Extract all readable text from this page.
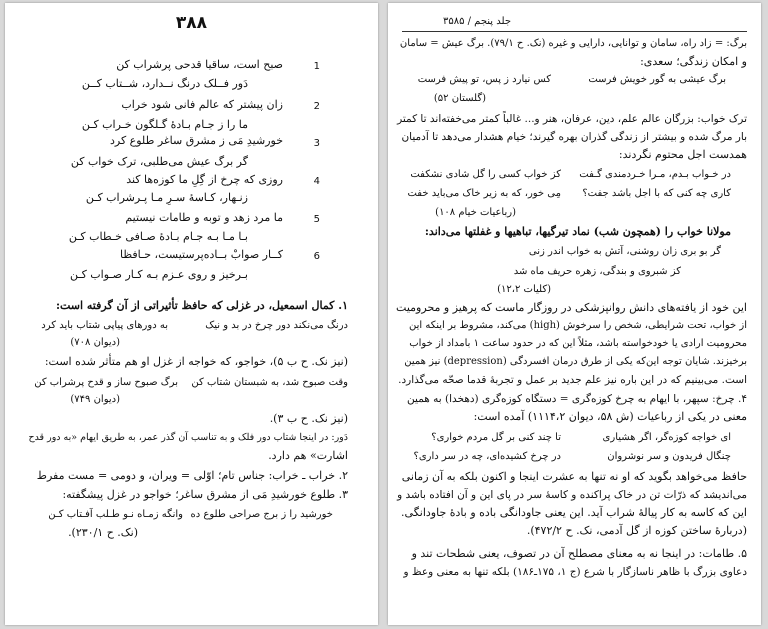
۳۸۸
1
صبح است، ساقیا قدحی پرشراب کن
دَور فــلک درنگ نــدارد، شــتاب کــن
2
زان پیشتر که عالم فانی شود خراب
ما را ز جـام بـادهٔ گـلگون خـراب کـن
3
خورشیدِ مَی ز مشرق ساغر طلوع کرد
گر برگ عیش می‌طلبی، ترک خواب کن
4
روزی که چرخ از گِلِ ما کوزه‌ها کند
زنـهار، کـاسهٔ سـرِ مـا پـرشراب کـن
5
ما مرد زهد و توبه و طامات نیستیم
بـا مـا بـه جـام بـادهٔ صـافی خـطاب کـن
6
کــار صوابْ بــاده‌پرستیست، حـافظا
بـرخیز و روی عـزم بـه کـار صـواب کـن
۱. کمال اسمعیل، در غزلی که حافظ تأثیراتی از آن گرفته است:
درنگ می‌نکند دور چرخ در بد و نیک
به دورهای پیاپی شتاب باید کرد
(دیوان ۷۰۸)
(نیز نک. ح ب ۵)، خواجو، که خواجه از غزل او هم متأثر شده است:
وقت صبوح شد، به شبستان شتاب کن
برگ صبوح ساز و قدح پرشراب کن
(دیوان ۷۴۹)
(نیز نک. ح ب ۳).
دَور: در اینجا شتاب دور فلک و به تناسب آن گذر عمر، به طریق ایهام «به دور قدح
اشارت» هم دارد.
۲. خراب ـ خراب: جناس تام؛ اوّلی = ویران، و دومی = مست مفرط
۳. طلوع خورشیدِ مَی از مشرق ساغر؛ خواجو در غزل پیشگفته:
خورشید را ز برج صراحی طلوع ده
وانگه زمـاه نـو طـلب آفـتاب کـن
(نک. ح ۲۳۰/۱).
جلد پنجم / ۳۵۸۵
برگ: = زاد راه، سامان و توانایی، دارایی و غیره (نک. ح ۷۹/۱). برگ عیش = سامان
و امکان زندگی؛ سعدی:
برگ عیشی به گور خویش فرست
کس نیارد ز پس، تو پیش فرست
(گلستان ۵۲)
ترک خواب: بزرگان عالم علم، دین، عرفان، هنر و... غالباً کمتر می‌خفته‌اند تا کمتر
بار مرگ شده و بیشتر از زندگی گذران بهره گیرند؛ خیام هشدار می‌دهد تا آدمیان
همدست اجل محتوم نگردند:
در خـواب بـدم، مـرا خـردمندی گـفت
کز خواب کسی را گل شادی نشکفت
کاری چه کنی که با اجل باشد جفت؟
مِی خور، که به زیر خاک می‌باید خفت
(رباعیات خیام ۱۰۸)
مولانا خواب را (همچون شب) نماد تیرگیها، تباهیها و غفلتها می‌داند:
گر بو بری زان روشنی، آتش به خواب اندر زنی
کز شبروی و بندگی، زهره حریف ماه شد
(کلیات ۱۲،۲)
این خود از یافته‌های دانش روانپزشکی در روزگار ماست که پرهیز و محرومیت
از خواب، تحت شرایطی، شخص را سرخوش (high) می‌کند، مشروط بر اینکه این
محرومیت ارادی یا خودخواسته باشد، مثلاً این که در حدود ساعت ۱ بامداد از خواب
برخیزند. شایان توجه این‌که یکی از طرق درمان افسردگی (depression) نیز همین
است. می‌بینیم که در این باره نیز علم جدید بر عمل و تجربهٔ قدما صحّه می‌گذارد.
۴. چرخ: سپهر، با ایهام به چرخ کوزه‌گری = دستگاه کوزه‌گری (دهخدا) به همین
معنی در یکی از رباعیات (ش ۵۸، دیوان ۱۱۱۴،۲) آمده است:
ای خواجه کوزه‌گر، اگر هشیاری
تا چند کنی بر گل مردم خواری؟
چنگال فریدون و سر نوشروان
در چرخ کشیده‌ای، چه در سر داری؟
حافظ می‌خواهد بگوید که او نه تنها به عشرت اینجا و اکنون بلکه به آن زمانی
می‌اندیشد که ذرّات تن در خاک پراکنده و کاسهٔ سر در پای این و آن افتاده باشد و
این که کاسه به کار پیالهٔ شراب آید. این یعنی جاودانگی باده و بادهٔ جاودانگی.
(دربارهٔ ساختن کوزه از گل آدمی، نک. ح ۴۷۲/۲).
۵. طامات: در اینجا نه به معنای مصطلح آن در تصوف، یعنی شطحات تند و
دعاوی بزرگ با ظاهر ناسازگار با شرع (ج ۱، ۱۷۵ـ۱۸۶) بلکه تنها به معنی وعظ و
